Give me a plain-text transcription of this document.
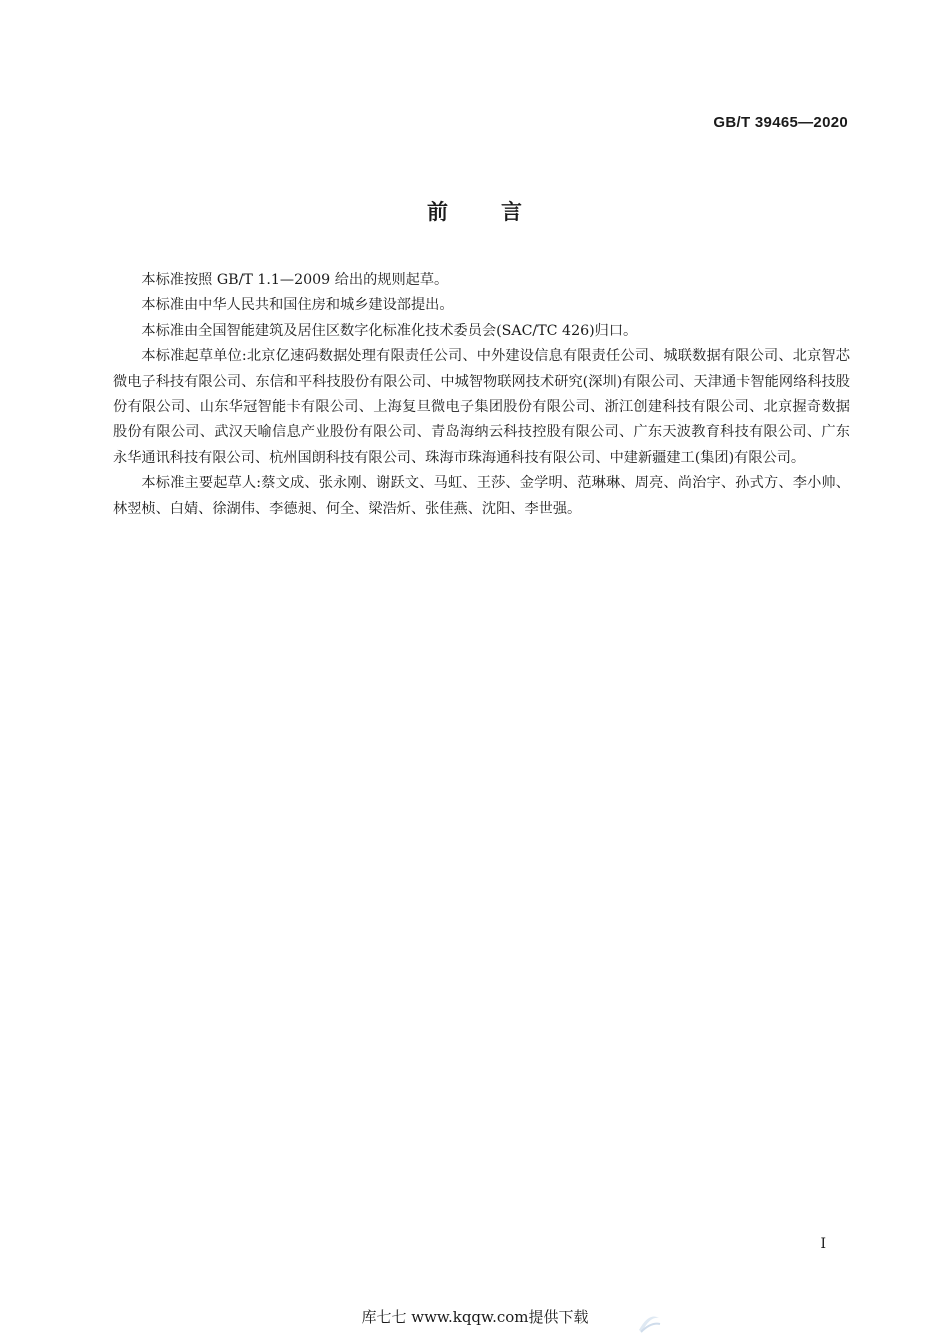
GB/T 39465—2020
前 言

本标准按照 GB/T 1.1—2009 给出的规则起草。

本标准由中华人民共和国住房和城乡建设部提出。

本标准由全国智能建筑及居住区数字化标准化技术委员会(SAC/TC 426)归口。

本标准起草单位:北京亿速码数据处理有限责任公司、中外建设信息有限责任公司、城联数据有限公司、北京智芯微电子科技有限公司、东信和平科技股份有限公司、中城智物联网技术研究(深圳)有限公司、天津通卡智能网络科技股份有限公司、山东华冠智能卡有限公司、上海复旦微电子集团股份有限公司、浙江创建科技有限公司、北京握奇数据股份有限公司、武汉天喻信息产业股份有限公司、青岛海纳云科技控股有限公司、广东天波教育科技有限公司、广东永华通讯科技有限公司、杭州国朗科技有限公司、珠海市珠海通科技有限公司、中建新疆建工(集团)有限公司。

本标准主要起草人:蔡文成、张永刚、谢跃文、马虹、王莎、金学明、范琳琳、周亮、尚治宇、孙式方、李小帅、林翌桢、白婧、徐湖伟、李德昶、何全、梁浩炘、张佳燕、沈阳、李世强。

I
库七七 www.kqqw.com提供下载
